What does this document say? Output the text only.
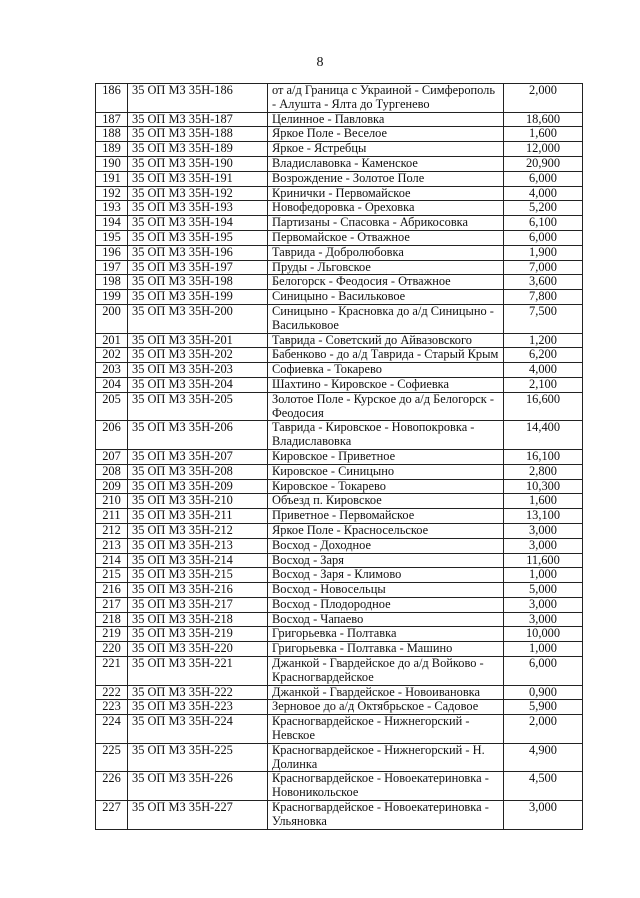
8
186	35 ОП МЗ 35Н-186	от а/д Граница с Украиной - Симферополь - Алушта - Ялта до Тургенево	2,000
187	35 ОП МЗ 35Н-187	Целинное - Павловка	18,600
188	35 ОП МЗ 35Н-188	Яркое Поле - Веселое	1,600
189	35 ОП МЗ 35Н-189	Яркое - Ястребцы	12,000
190	35 ОП МЗ 35Н-190	Владиславовка - Каменское	20,900
191	35 ОП МЗ 35Н-191	Возрождение - Золотое Поле	6,000
192	35 ОП МЗ 35Н-192	Кринички - Первомайское	4,000
193	35 ОП МЗ 35Н-193	Новофедоровка - Ореховка	5,200
194	35 ОП МЗ 35Н-194	Партизаны - Спасовка - Абрикосовка	6,100
195	35 ОП МЗ 35Н-195	Первомайское - Отважное	6,000
196	35 ОП МЗ 35Н-196	Таврида - Добролюбовка	1,900
197	35 ОП МЗ 35Н-197	Пруды - Льговское	7,000
198	35 ОП МЗ 35Н-198	Белогорск - Феодосия - Отважное	3,600
199	35 ОП МЗ 35Н-199	Синицыно - Васильковое	7,800
200	35 ОП МЗ 35Н-200	Синицыно - Красновка до а/д Синицыно - Васильковое	7,500
201	35 ОП МЗ 35Н-201	Таврида - Советский до Айвазовского	1,200
202	35 ОП МЗ 35Н-202	Бабенково - до а/д Таврида - Старый Крым	6,200
203	35 ОП МЗ 35Н-203	Софиевка - Токарево	4,000
204	35 ОП МЗ 35Н-204	Шахтино - Кировское - Софиевка	2,100
205	35 ОП МЗ 35Н-205	Золотое Поле - Курское до а/д Белогорск - Феодосия	16,600
206	35 ОП МЗ 35Н-206	Таврида - Кировское - Новопокровка - Владиславовка	14,400
207	35 ОП МЗ 35Н-207	Кировское - Приветное	16,100
208	35 ОП МЗ 35Н-208	Кировское - Синицыно	2,800
209	35 ОП МЗ 35Н-209	Кировское - Токарево	10,300
210	35 ОП МЗ 35Н-210	Объезд п. Кировское	1,600
211	35 ОП МЗ 35Н-211	Приветное - Первомайское	13,100
212	35 ОП МЗ 35Н-212	Яркое Поле - Красносельское	3,000
213	35 ОП МЗ 35Н-213	Восход - Доходное	3,000
214	35 ОП МЗ 35Н-214	Восход - Заря	11,600
215	35 ОП МЗ 35Н-215	Восход - Заря - Климово	1,000
216	35 ОП МЗ 35Н-216	Восход - Новосельцы	5,000
217	35 ОП МЗ 35Н-217	Восход - Плодородное	3,000
218	35 ОП МЗ 35Н-218	Восход - Чапаево	3,000
219	35 ОП МЗ 35Н-219	Григорьевка - Полтавка	10,000
220	35 ОП МЗ 35Н-220	Григорьевка - Полтавка - Машино	1,000
221	35 ОП МЗ 35Н-221	Джанкой - Гвардейское до а/д Войково - Красногвардейское	6,000
222	35 ОП МЗ 35Н-222	Джанкой - Гвардейское - Новоивановка	0,900
223	35 ОП МЗ 35Н-223	Зерновое до а/д Октябрьское - Садовое	5,900
224	35 ОП МЗ 35Н-224	Красногвардейское - Нижнегорский - Невское	2,000
225	35 ОП МЗ 35Н-225	Красногвардейское - Нижнегорский - Н. Долинка	4,900
226	35 ОП МЗ 35Н-226	Красногвардейское - Новоекатериновка - Новоникольское	4,500
227	35 ОП МЗ 35Н-227	Красногвардейское - Новоекатериновка - Ульяновка	3,000
